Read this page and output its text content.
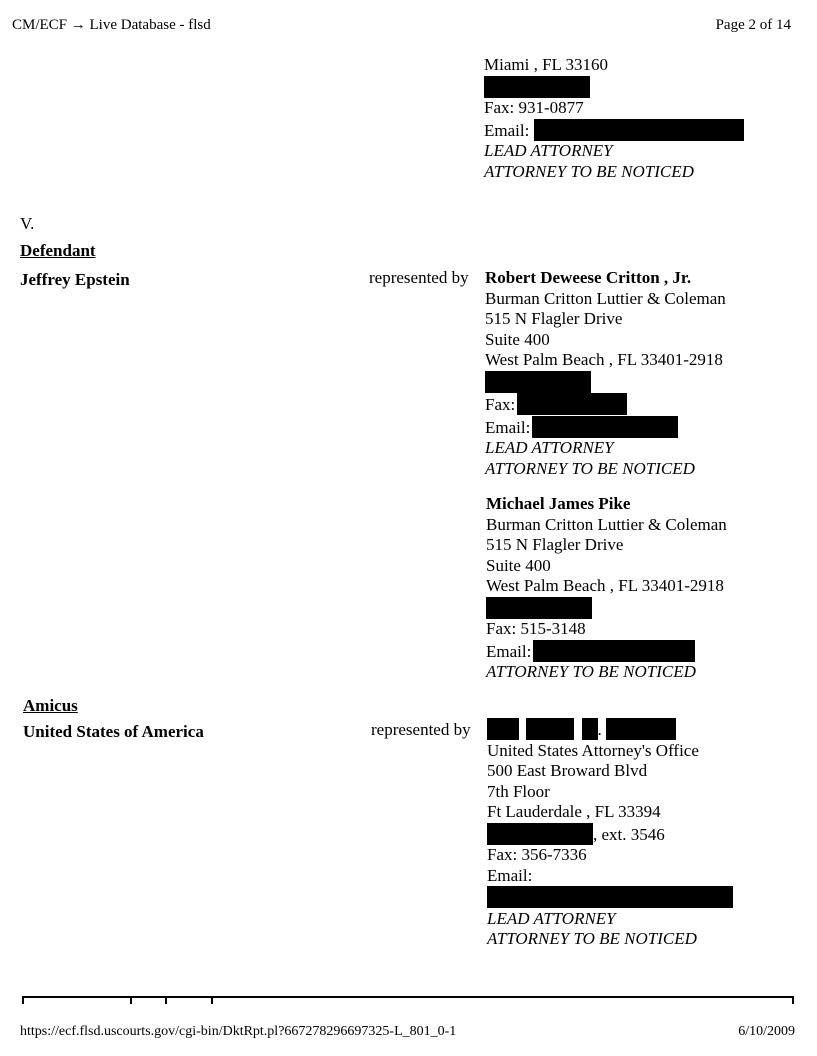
CM/ECF → Live Database - flsd	Page 2 of 14
Miami , FL 33160
Fax: 931-0877
Email:
LEAD ATTORNEY
ATTORNEY TO BE NOTICED
V.
Defendant
Jeffrey Epstein	represented by Robert Deweese Critton , Jr.
Burman Critton Luttier & Coleman
515 N Flagler Drive
Suite 400
West Palm Beach , FL 33401-2918
Fax:
Email:
LEAD ATTORNEY
ATTORNEY TO BE NOTICED
Michael James Pike
Burman Critton Luttier & Coleman
515 N Flagler Drive
Suite 400
West Palm Beach , FL 33401-2918
Fax: 515-3148
Email:
ATTORNEY TO BE NOTICED
Amicus
United States of America	represented by	.
United States Attorney's Office
500 East Broward Blvd
7th Floor
Ft Lauderdale , FL 33394
, ext. 3546
Fax: 356-7336
Email:
LEAD ATTORNEY
ATTORNEY TO BE NOTICED
https://ecf.flsd.uscourts.gov/cgi-bin/DktRpt.pl?667278296697325-L_801_0-1	6/10/2009
